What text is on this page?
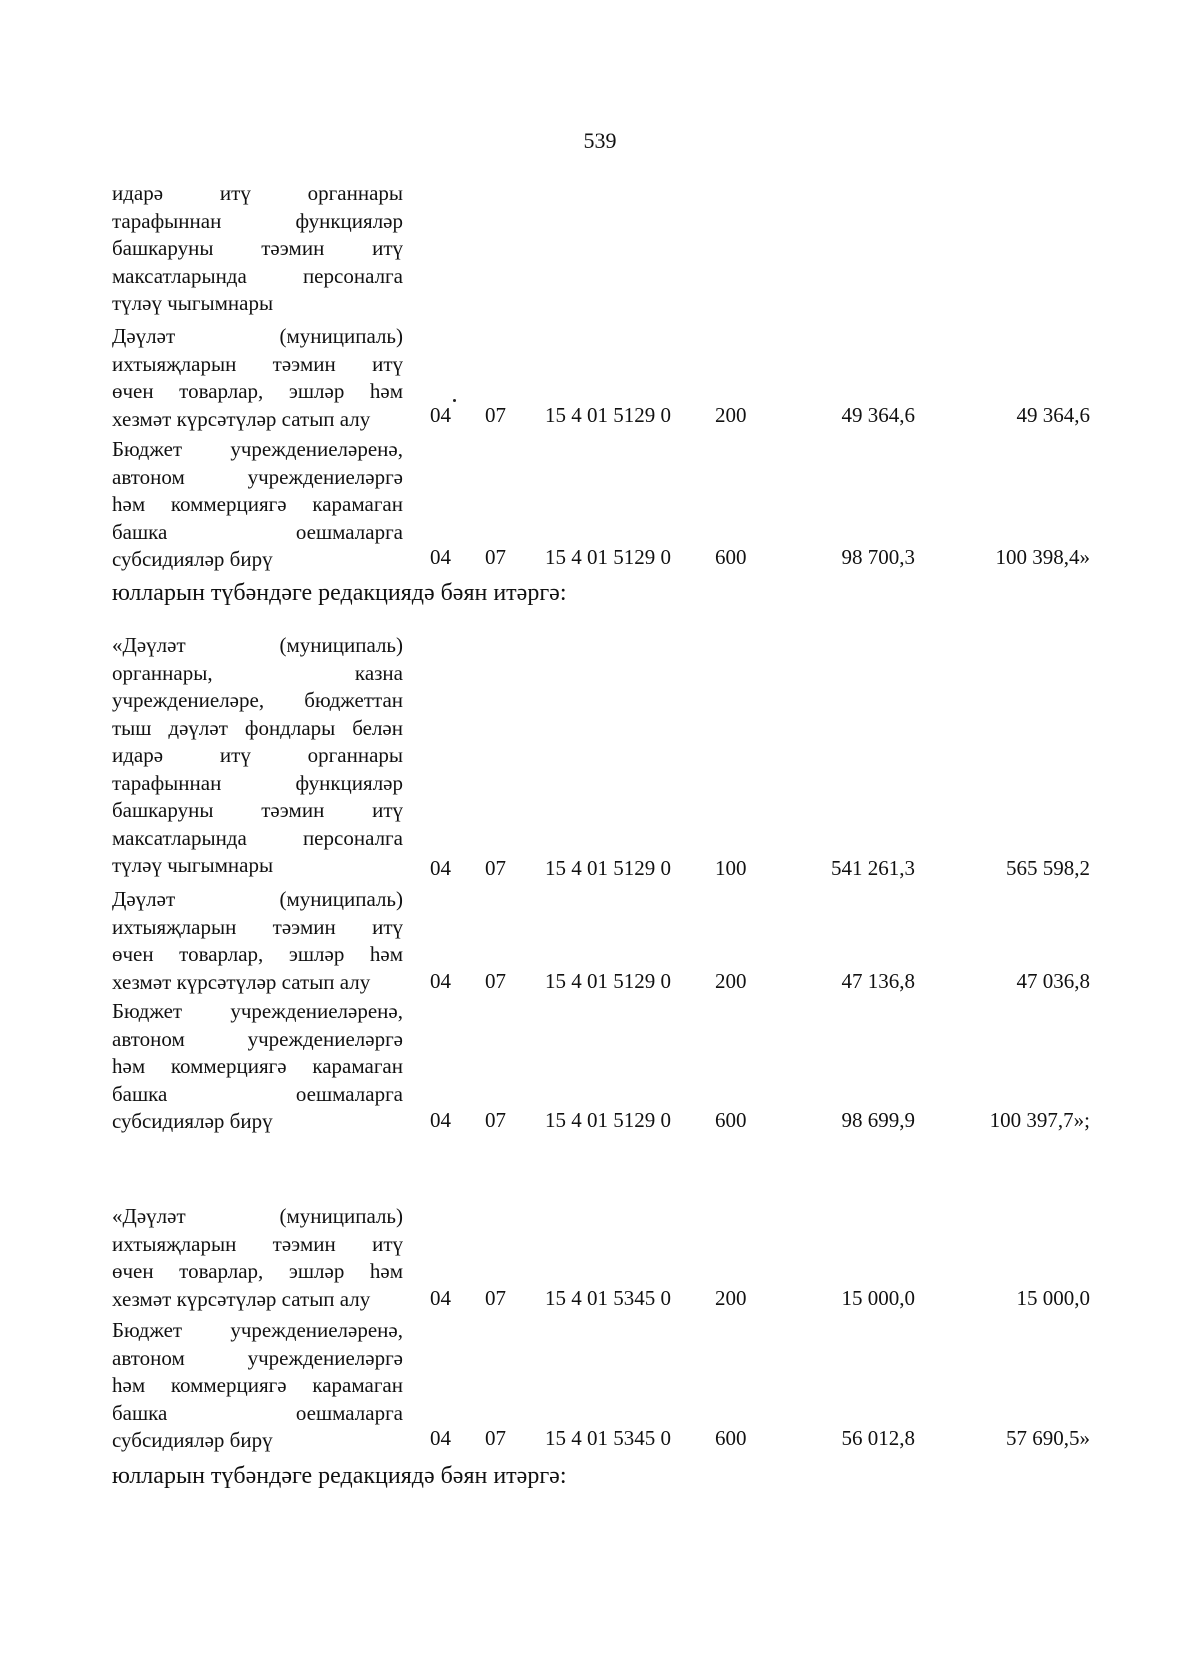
539
идарә итү органнары
тарафыннан функцияләр
башкаруны тәэмин итү
максатларында персоналга
түләү чыгымнары
Дәүләт (муниципаль)
ихтыяҗларын тәэмин итү
өчен товарлар, эшләр һәм
хезмәт күрсәтүләр сатып алу	04 07 15 4 01 5129 0 200	49 364,6	49 364,6
Бюджет учреждениеләренә,
автоном учреждениеләргә
һәм коммерциягә карамаган
башка оешмаларга
субсидияләр бирү	04 07 15 4 01 5129 0 600	98 700,3	100 398,4»
юлларын түбәндәге редакциядә бәян итәргә:
«Дәүләт (муниципаль)
органнары, казна
учреждениеләре, бюджеттан
тыш дәүләт фондлары белән
идарә итү органнары
тарафыннан функцияләр
башкаруны тәэмин итү
максатларында персоналга
түләү чыгымнары	04 07 15 4 01 5129 0 100	541 261,3	565 598,2
Дәүләт (муниципаль)
ихтыяҗларын тәэмин итү
өчен товарлар, эшләр һәм
хезмәт күрсәтүләр сатып алу	04 07 15 4 01 5129 0 200	47 136,8	47 036,8
Бюджет учреждениеләренә,
автоном учреждениеләргә
һәм коммерциягә карамаган
башка оешмаларга
субсидияләр бирү	04 07 15 4 01 5129 0 600	98 699,9	100 397,7»;
«Дәүләт (муниципаль)
ихтыяҗларын тәэмин итү
өчен товарлар, эшләр һәм
хезмәт күрсәтүләр сатып алу	04 07 15 4 01 5345 0 200	15 000,0	15 000,0
Бюджет учреждениеләренә,
автоном учреждениеләргә
һәм коммерциягә карамаган
башка оешмаларга
субсидияләр бирү	04 07 15 4 01 5345 0 600	56 012,8	57 690,5»
юлларын түбәндәге редакциядә бәян итәргә:
